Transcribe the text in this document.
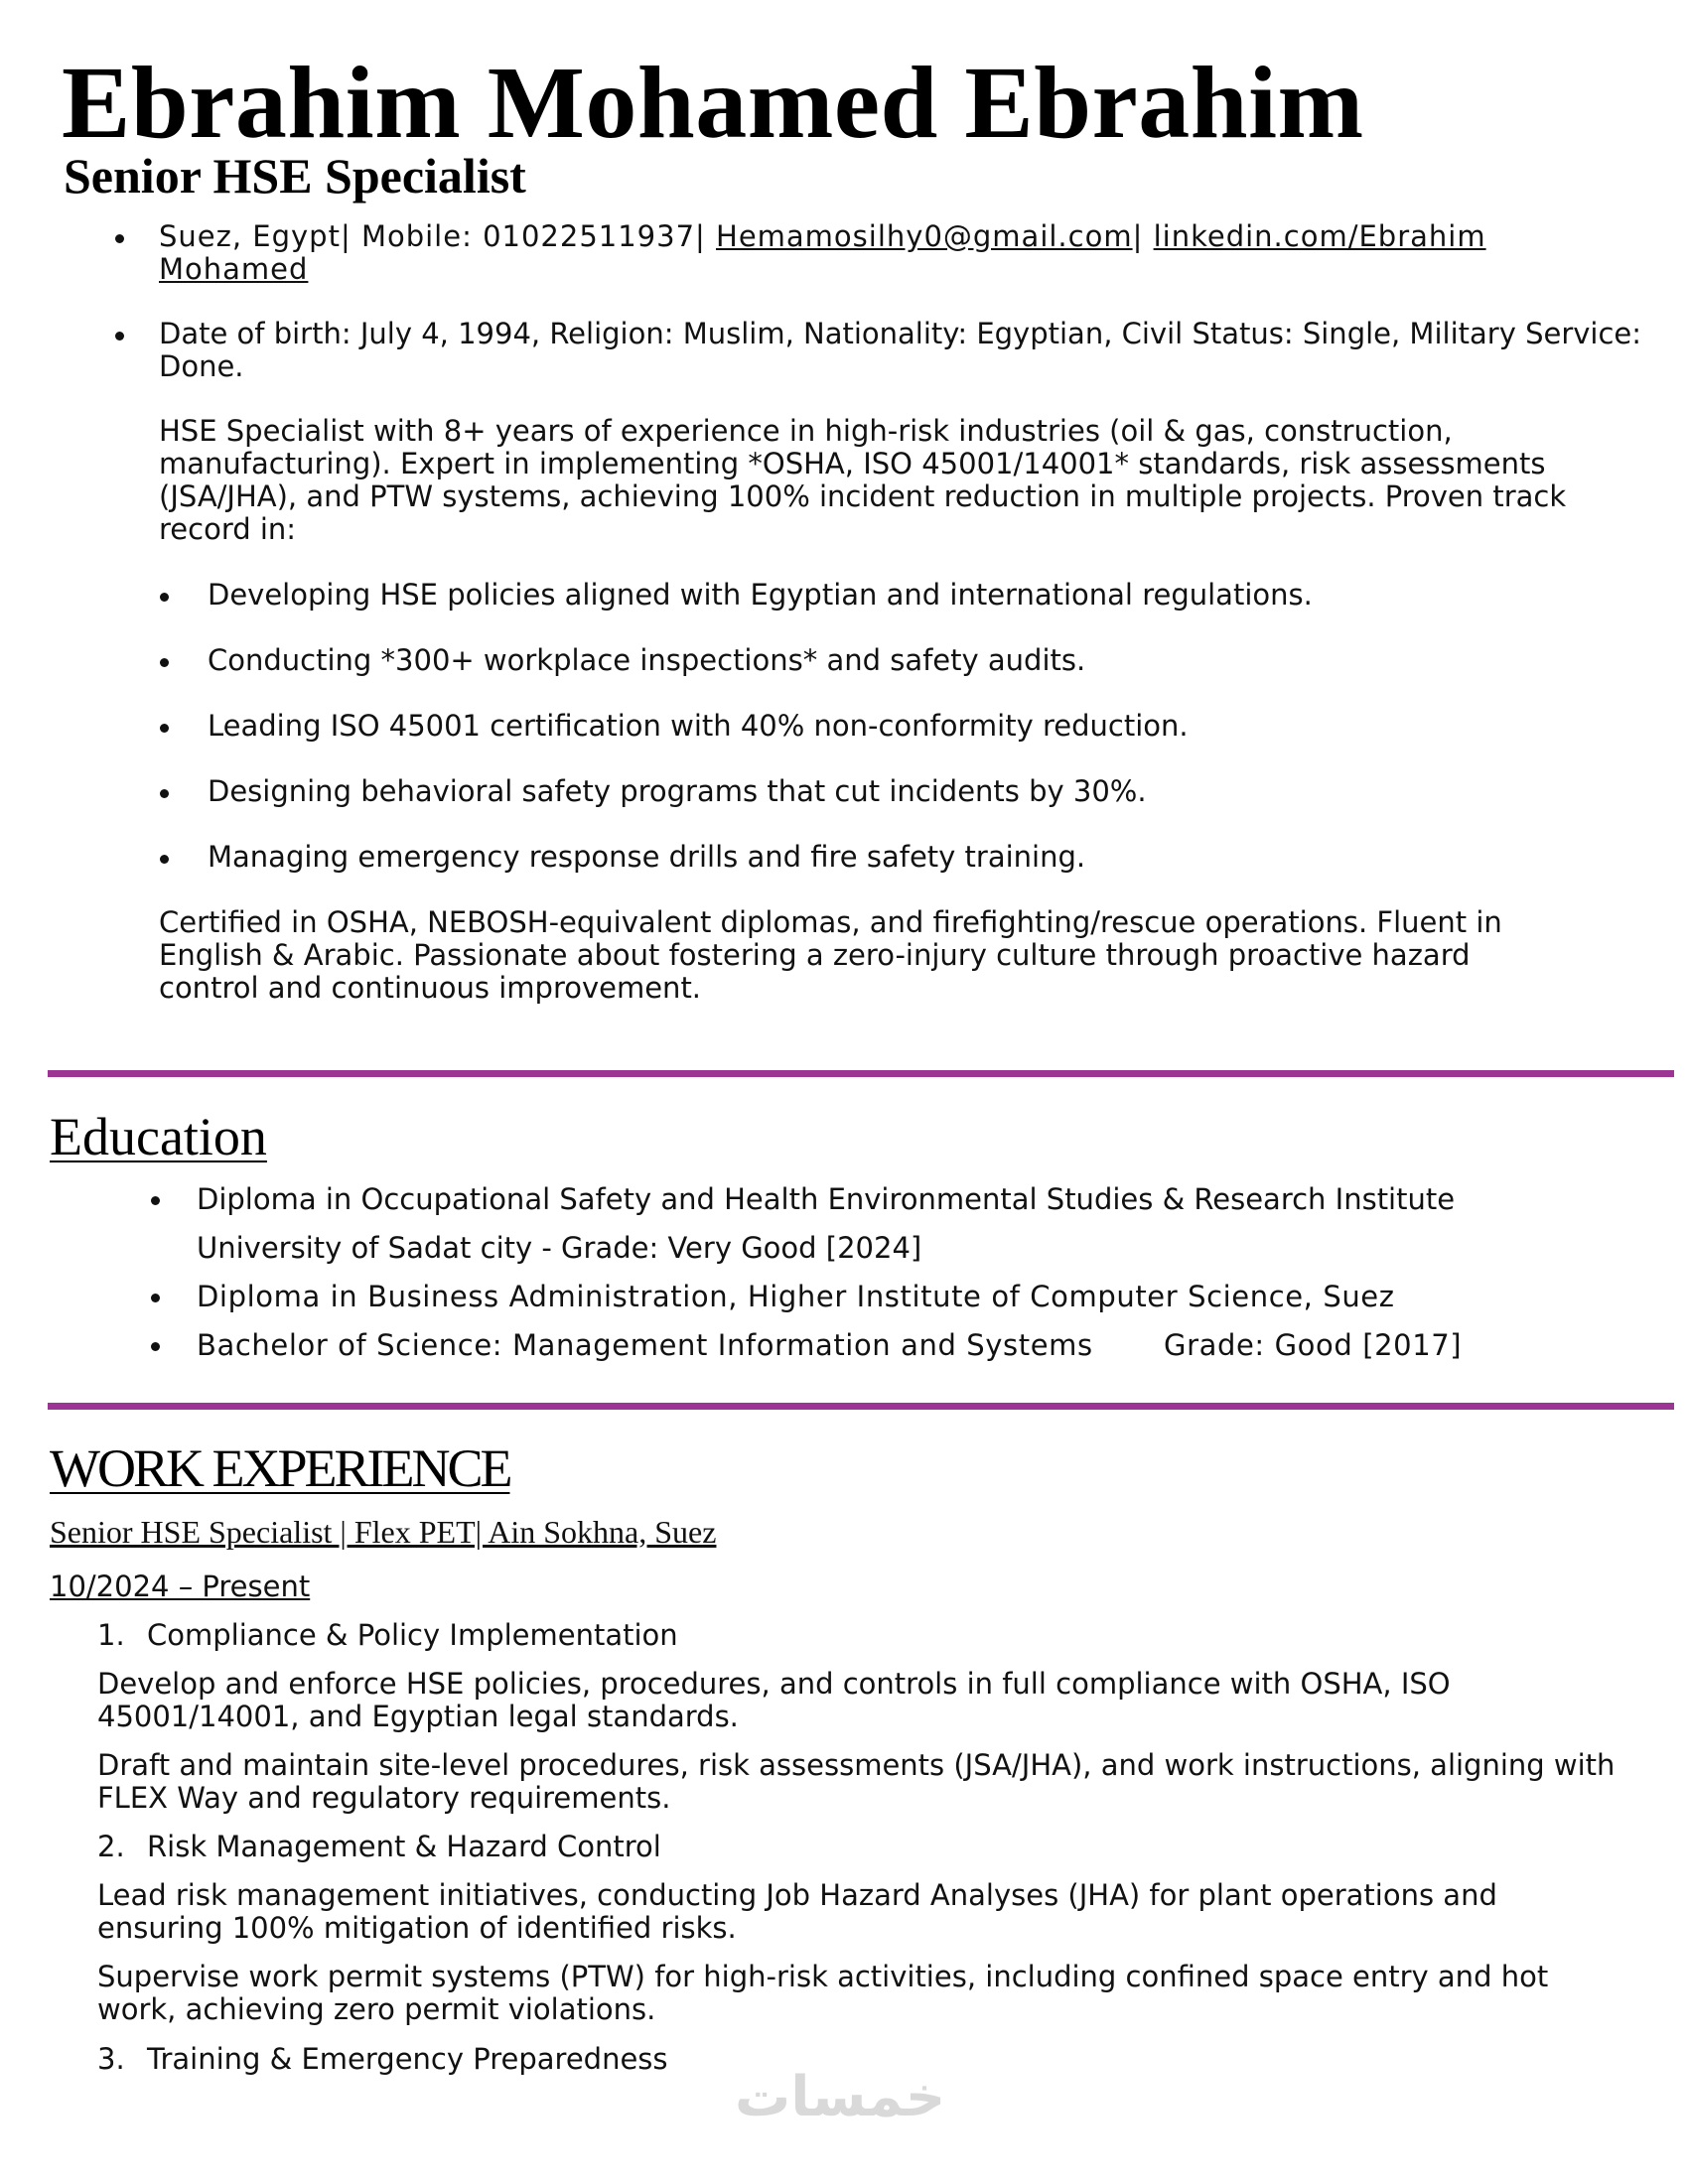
Ebrahim Mohamed Ebrahim
Senior HSE Specialist
Suez, Egypt| Mobile: 01022511937| Hemamosilhy0@gmail.com| linkedin.com/Ebrahim
Mohamed
Date of birth: July 4, 1994, Religion: Muslim, Nationality: Egyptian, Civil Status: Single, Military Service: Done.
HSE Specialist with 8+ years of experience in high-risk industries (oil & gas, construction, manufacturing). Expert in implementing *OSHA, ISO 45001/14001* standards, risk assessments (JSA/JHA), and PTW systems, achieving 100% incident reduction in multiple projects. Proven track record in:
Developing HSE policies aligned with Egyptian and international regulations.
Conducting *300+ workplace inspections* and safety audits.
Leading ISO 45001 certification with 40% non-conformity reduction.
Designing behavioral safety programs that cut incidents by 30%.
Managing emergency response drills and fire safety training.
Certified in OSHA, NEBOSH-equivalent diplomas, and firefighting/rescue operations. Fluent in English & Arabic. Passionate about fostering a zero-injury culture through proactive hazard control and continuous improvement.
Education
Diploma in Occupational Safety and Health Environmental Studies & Research Institute
University of Sadat city - Grade: Very Good [2024]
Diploma in Business Administration, Higher Institute of Computer Science, Suez
Bachelor of Science: Management Information and Systems Grade: Good [2017]
WORK EXPERIENCE
Senior HSE Specialist | Flex PET| Ain Sokhna, Suez
10/2024 – Present
1. Compliance & Policy Implementation
Develop and enforce HSE policies, procedures, and controls in full compliance with OSHA, ISO 45001/14001, and Egyptian legal standards.
Draft and maintain site-level procedures, risk assessments (JSA/JHA), and work instructions, aligning with FLEX Way and regulatory requirements.
2. Risk Management & Hazard Control
Lead risk management initiatives, conducting Job Hazard Analyses (JHA) for plant operations and ensuring 100% mitigation of identified risks.
Supervise work permit systems (PTW) for high-risk activities, including confined space entry and hot work, achieving zero permit violations.
3. Training & Emergency Preparedness
خمسات
